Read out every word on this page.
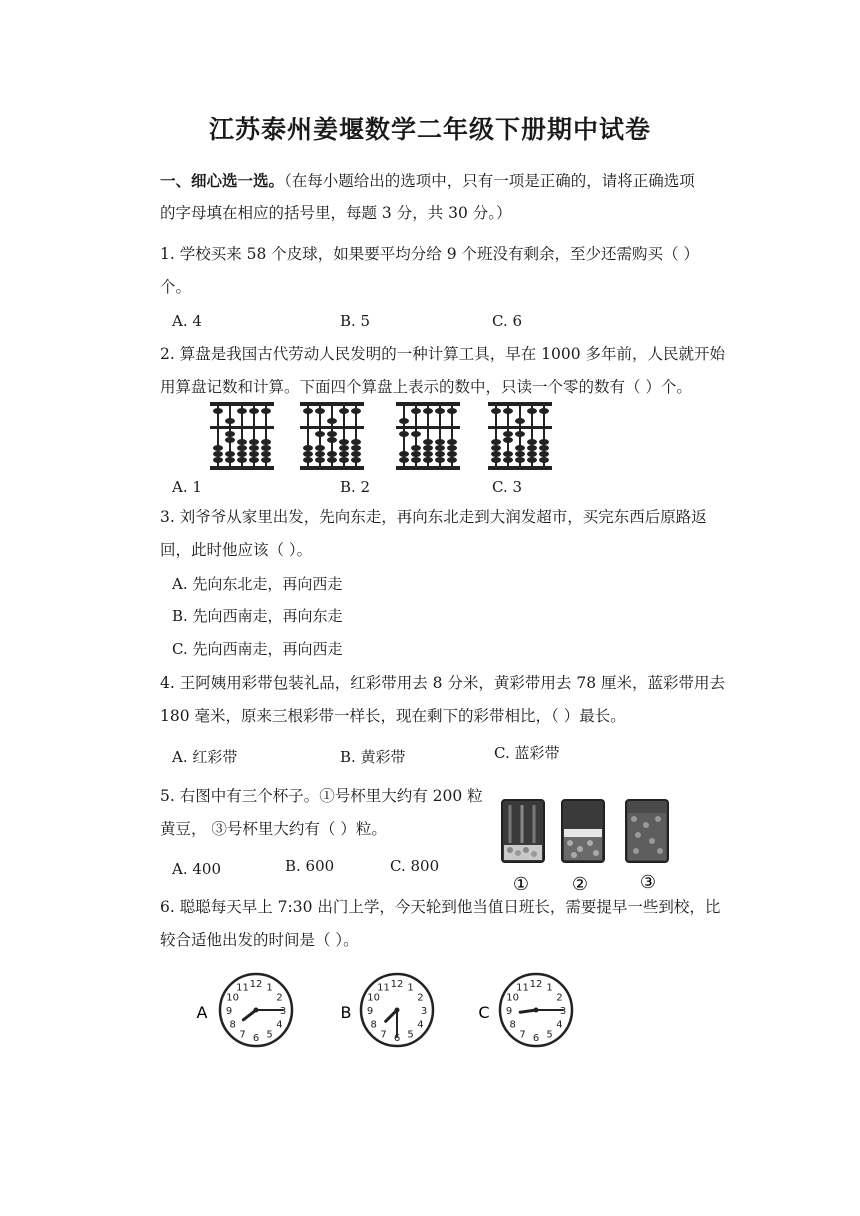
江苏泰州姜堰数学二年级下册期中试卷
一、细心选一选。（在每小题给出的选项中，只有一项是正确的，请将正确选项
的字母填在相应的括号里，每题 3 分，共 30 分。）
1. 学校买来 58 个皮球，如果要平均分给 9 个班没有剩余，至少还需购买（ ）
个。
A. 4	B. 5	C. 6
2. 算盘是我国古代劳动人民发明的一种计算工具，早在 1000 多年前，人民就开始
用算盘记数和计算。下面四个算盘上表示的数中，只读一个零的数有（ ）个。
A. 1	B. 2	C. 3
3. 刘爷爷从家里出发，先向东走，再向东北走到大润发超市，买完东西后原路返
回，此时他应该（ ）。
A. 先向东北走，再向西走
B. 先向西南走，再向东走
C. 先向西南走，再向西走
4. 王阿姨用彩带包装礼品，红彩带用去 8 分米，黄彩带用去 78 厘米，蓝彩带用去
180 毫米，原来三根彩带一样长，现在剩下的彩带相比，（ ）最长。
A. 红彩带	B. 黄彩带	C. 蓝彩带
5. 右图中有三个杯子。①号杯里大约有 200 粒
黄豆， ③号杯里大约有（ ）粒。
A. 400	B. 600	C. 800
① ②	③
6. 聪聪每天早上 7:30 出门上学，今天轮到他当值日班长，需要提早一些到校，比
较合适他出发的时间是（ ）。
A	B	C
1
2
3
4
5
6
7
8
9
10
11 12	1
2
3
4
5
6
7
8
9
10
11 12	1
2
3
4
5
6
7
8
9
10
11 12
